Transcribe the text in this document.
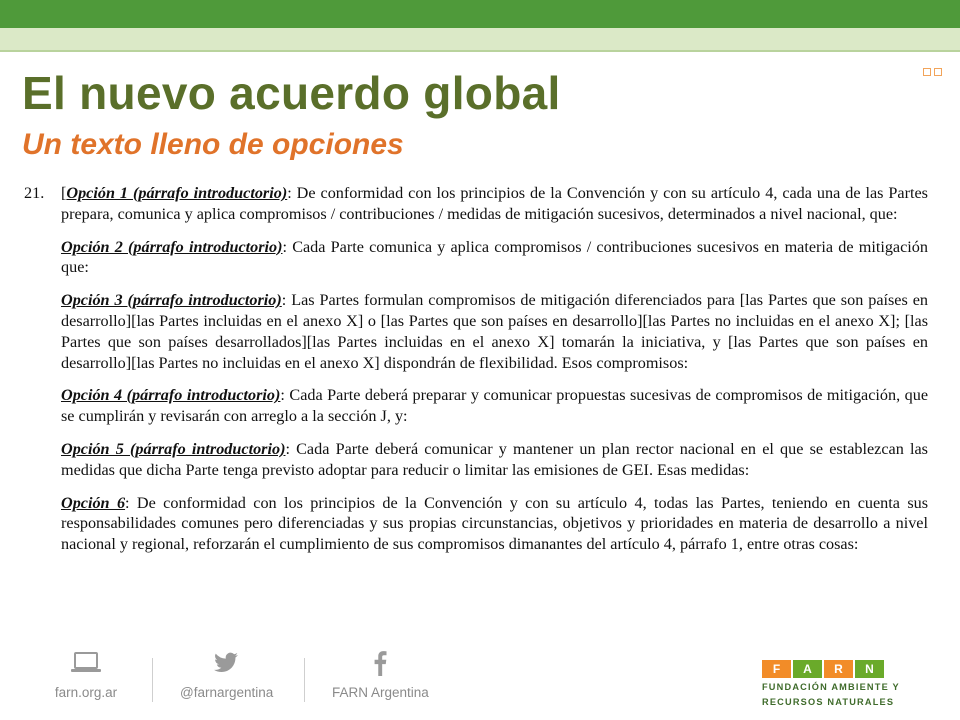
El nuevo acuerdo global
Un texto lleno de opciones

21. [Opción 1 (párrafo introductorio): De conformidad con los principios de la Convención y con su artículo 4, cada una de las Partes prepara, comunica y aplica compromisos / contribuciones / medidas de mitigación sucesivos, determinados a nivel nacional, que:

Opción 2 (párrafo introductorio): Cada Parte comunica y aplica compromisos / contribuciones sucesivos en materia de mitigación que:

Opción 3 (párrafo introductorio): Las Partes formulan compromisos de mitigación diferenciados para [las Partes que son países en desarrollo][las Partes incluidas en el anexo X] o [las Partes que son países en desarrollo][las Partes no incluidas en el anexo X]; [las Partes que son países desarrollados][las Partes incluidas en el anexo X] tomarán la iniciativa, y [las Partes que son países en desarrollo][las Partes no incluidas en el anexo X] dispondrán de flexibilidad. Esos compromisos:

Opción 4 (párrafo introductorio): Cada Parte deberá preparar y comunicar propuestas sucesivas de compromisos de mitigación, que se cumplirán y revisarán con arreglo a la sección J, y:

Opción 5 (párrafo introductorio): Cada Parte deberá comunicar y mantener un plan rector nacional en el que se establezcan las medidas que dicha Parte tenga previsto adoptar para reducir o limitar las emisiones de GEI. Esas medidas:

Opción 6: De conformidad con los principios de la Convención y con su artículo 4, todas las Partes, teniendo en cuenta sus responsabilidades comunes pero diferenciadas y sus propias circunstancias, objetivos y prioridades en materia de desarrollo a nivel nacional y regional, reforzarán el cumplimiento de sus compromisos dimanantes del artículo 4, párrafo 1, entre otras cosas:

farn.org.ar	@farnargentina	FARN Argentina
F	A	R	N
FUNDACIÓN AMBIENTE Y
RECURSOS NATURALES
